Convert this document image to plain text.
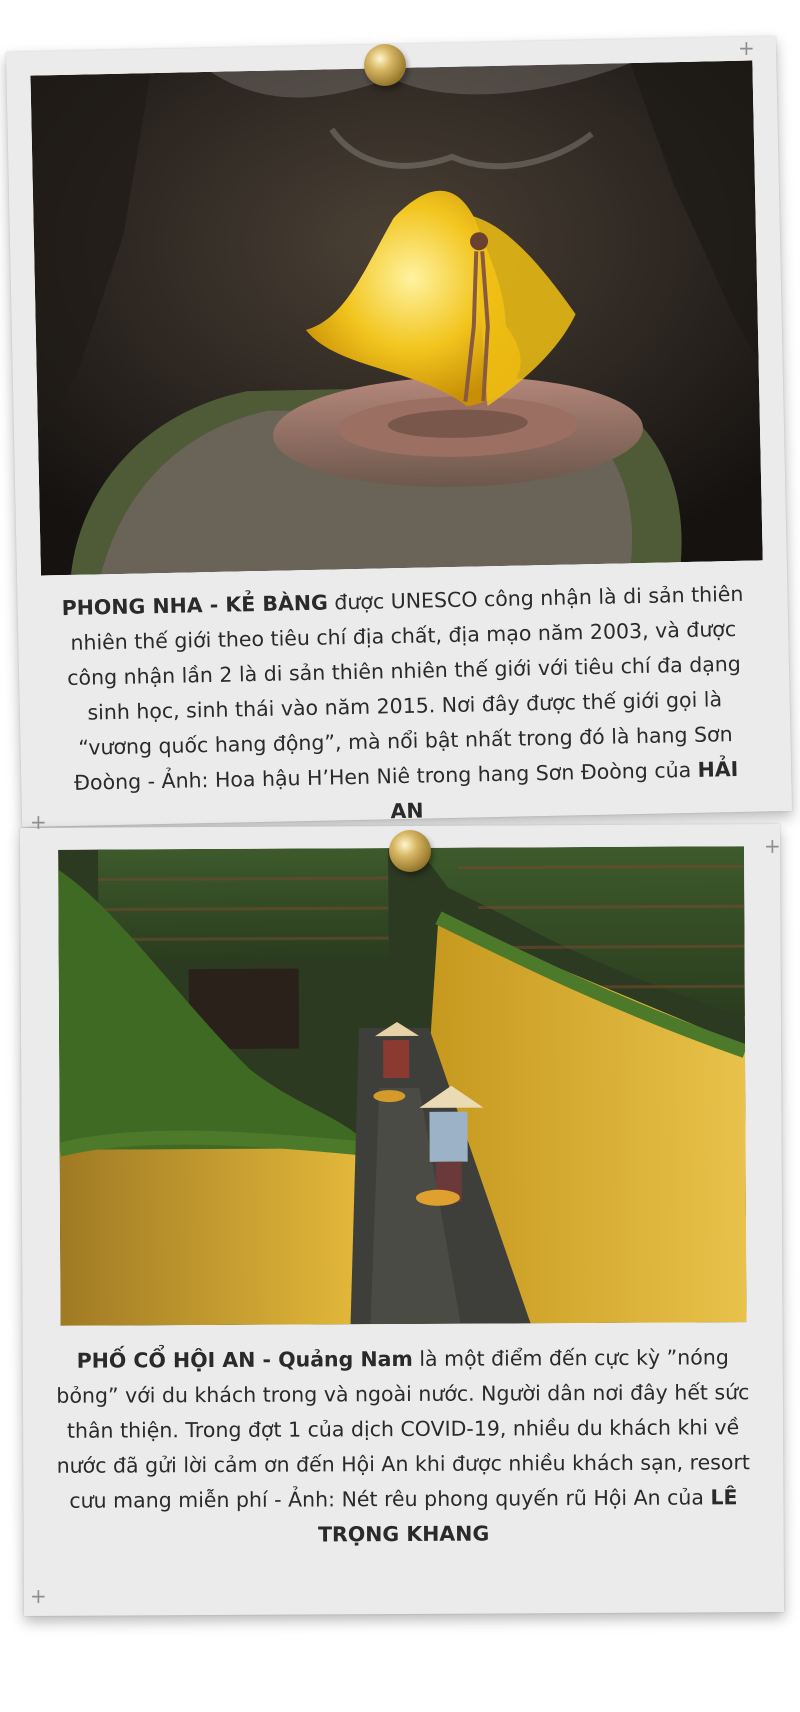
PHONG NHA - KẺ BÀNG được UNESCO công nhận là di sản thiên nhiên thế giới theo tiêu chí địa chất, địa mạo năm 2003, và được công nhận lần 2 là di sản thiên nhiên thế giới với tiêu chí đa dạng sinh học, sinh thái vào năm 2015. Nơi đây được thế giới gọi là “vương quốc hang động”, mà nổi bật nhất trong đó là hang Sơn Đoòng - Ảnh: Hoa hậu H’Hen Niê trong hang Sơn Đoòng của HẢI AN
PHỐ CỔ HỘI AN - Quảng Nam là một điểm đến cực kỳ ”nóng bỏng” với du khách trong và ngoài nước. Người dân nơi đây hết sức thân thiện. Trong đợt 1 của dịch COVID-19, nhiều du khách khi về nước đã gửi lời cảm ơn đến Hội An khi được nhiều khách sạn, resort cưu mang miễn phí - Ảnh: Nét rêu phong quyến rũ Hội An của LÊ TRỌNG KHANG
+
+
+
+
